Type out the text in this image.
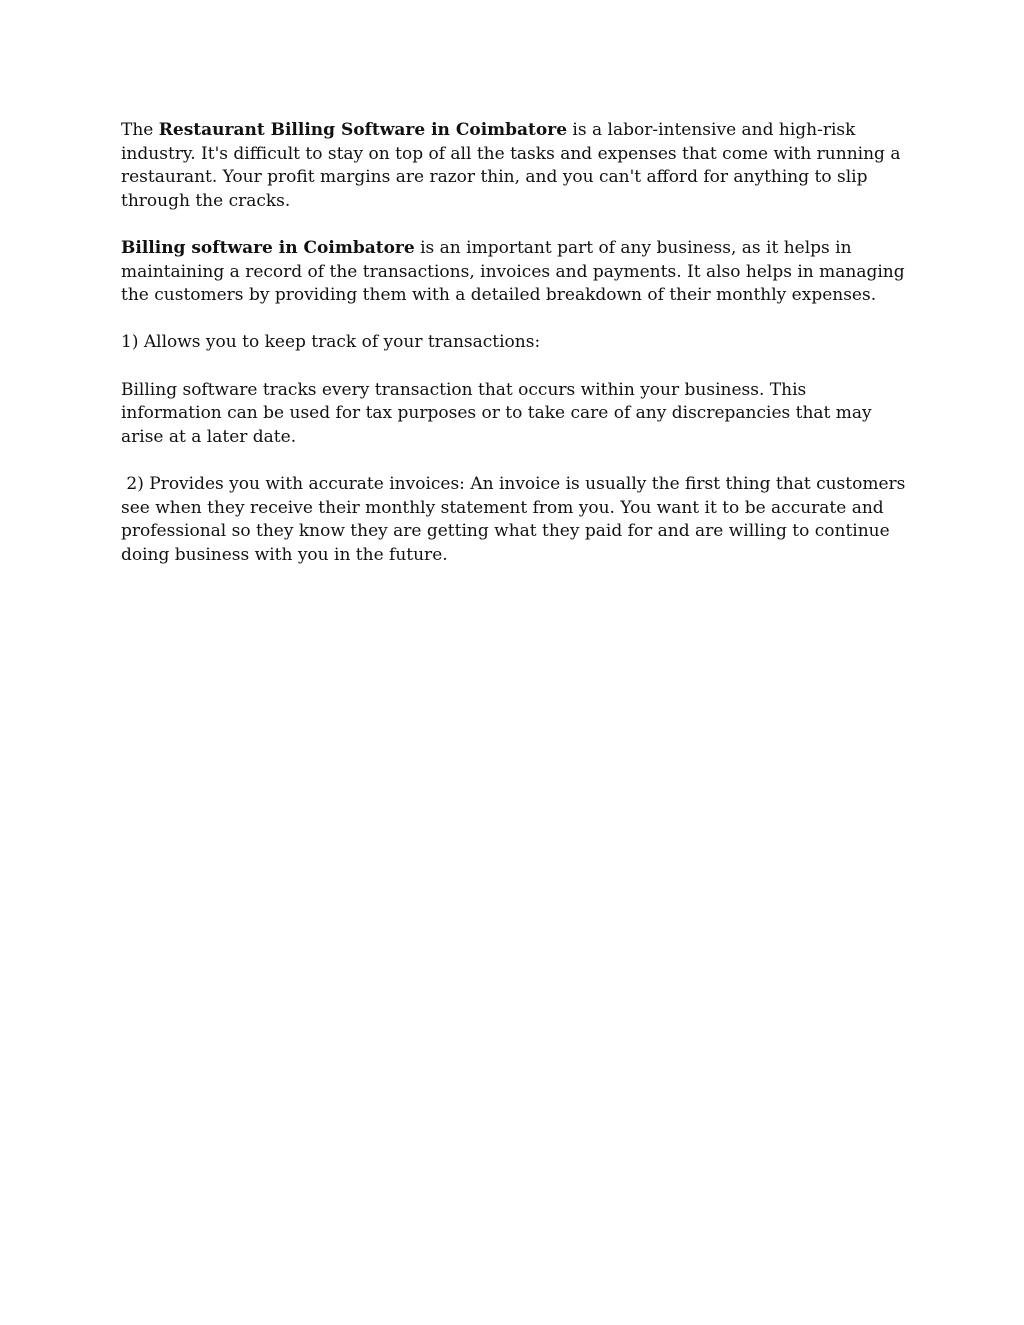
The Restaurant Billing Software in Coimbatore is a labor-intensive and high-risk industry. It's difficult to stay on top of all the tasks and expenses that come with running a restaurant. Your profit margins are razor thin, and you can't afford for anything to slip through the cracks.

Billing software in Coimbatore is an important part of any business, as it helps in maintaining a record of the transactions, invoices and payments. It also helps in managing the customers by providing them with a detailed breakdown of their monthly expenses.

1) Allows you to keep track of your transactions:

Billing software tracks every transaction that occurs within your business. This information can be used for tax purposes or to take care of any discrepancies that may arise at a later date.

2) Provides you with accurate invoices: An invoice is usually the first thing that customers see when they receive their monthly statement from you. You want it to be accurate and professional so they know they are getting what they paid for and are willing to continue doing business with you in the future.
